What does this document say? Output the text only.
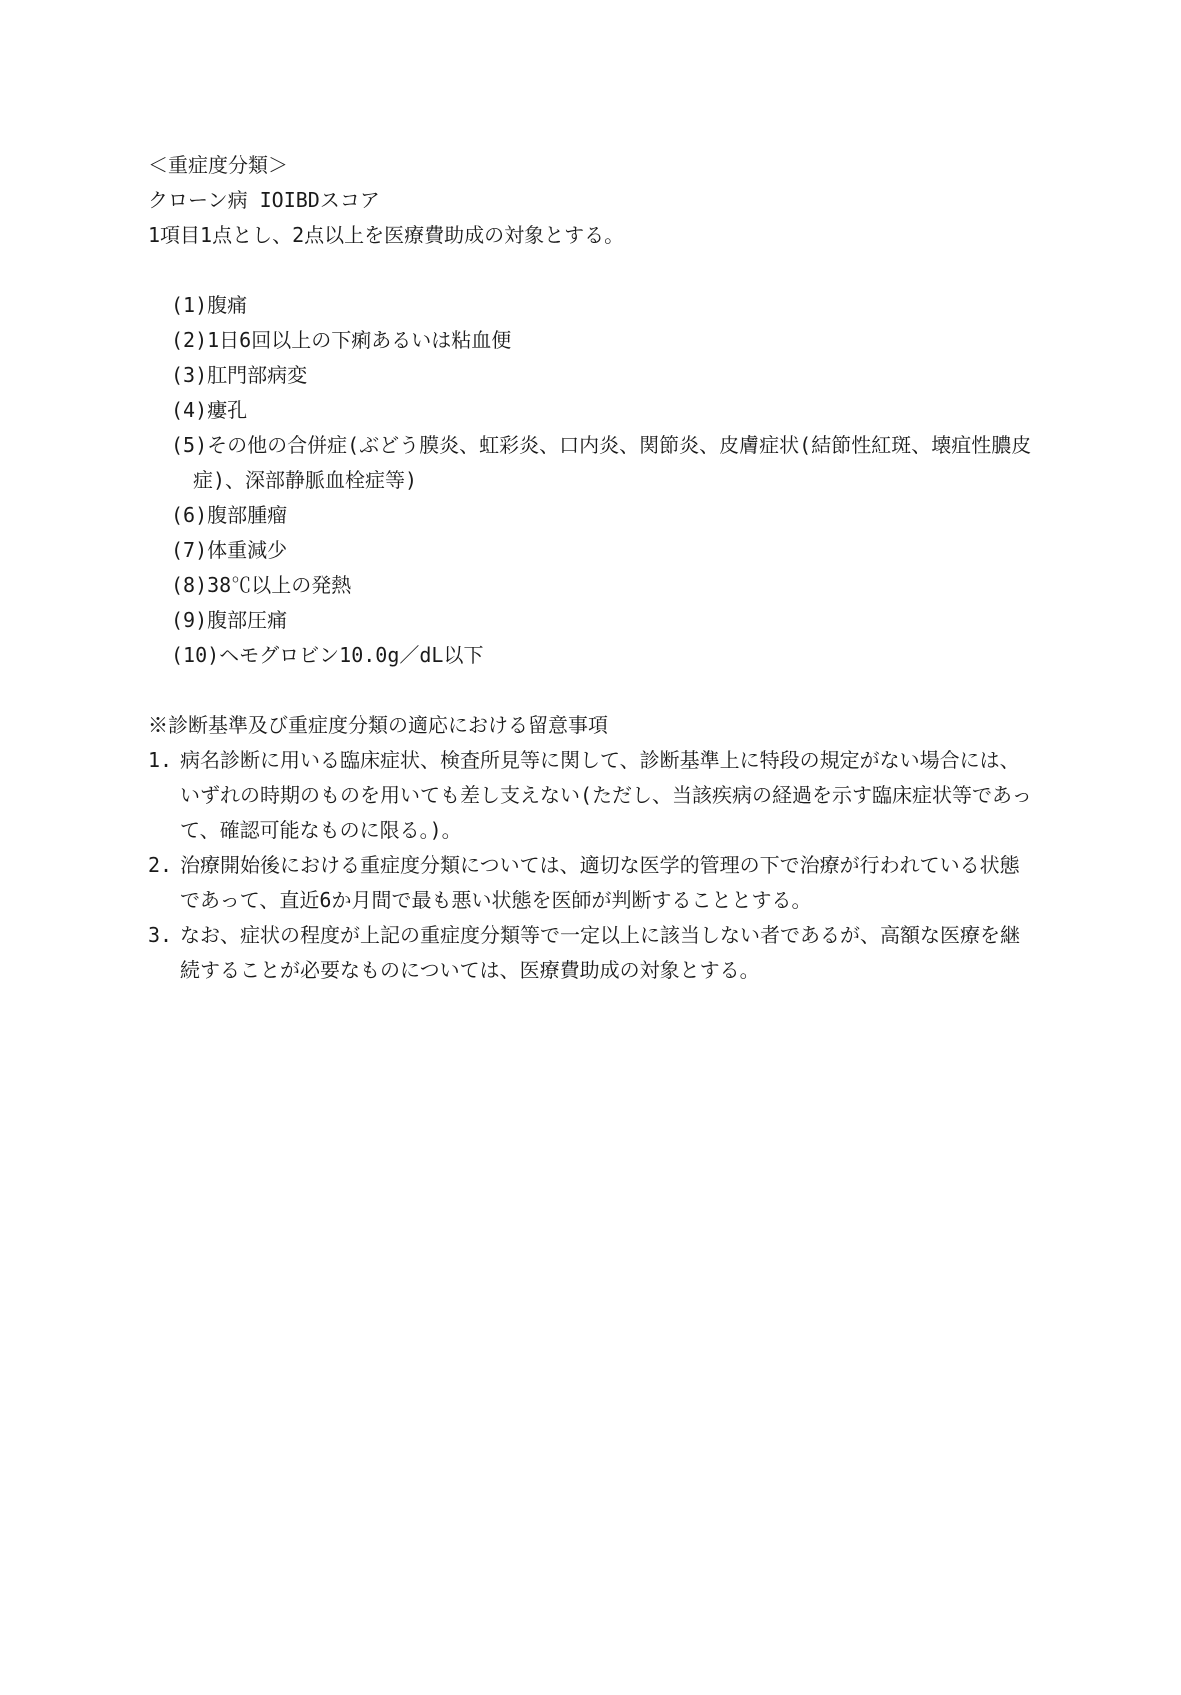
＜重症度分類＞
クローン病 IOIBDスコア
1項目1点とし、2点以上を医療費助成の対象とする。
(1)腹痛
(2)1日6回以上の下痢あるいは粘血便
(3)肛門部病変
(4)瘻孔
(5)その他の合併症(ぶどう膜炎、虹彩炎、口内炎、関節炎、皮膚症状(結節性紅斑、壊疽性膿皮症)、深部静脈血栓症等)
(6)腹部腫瘤
(7)体重減少
(8)38℃以上の発熱
(9)腹部圧痛
(10)ヘモグロビン10.0g／dL以下
※診断基準及び重症度分類の適応における留意事項
1. 病名診断に用いる臨床症状、検査所見等に関して、診断基準上に特段の規定がない場合には、いずれの時期のものを用いても差し支えない(ただし、当該疾病の経過を示す臨床症状等であって、確認可能なものに限る。)。
2. 治療開始後における重症度分類については、適切な医学的管理の下で治療が行われている状態であって、直近6か月間で最も悪い状態を医師が判断することとする。
3. なお、症状の程度が上記の重症度分類等で一定以上に該当しない者であるが、高額な医療を継続することが必要なものについては、医療費助成の対象とする。
